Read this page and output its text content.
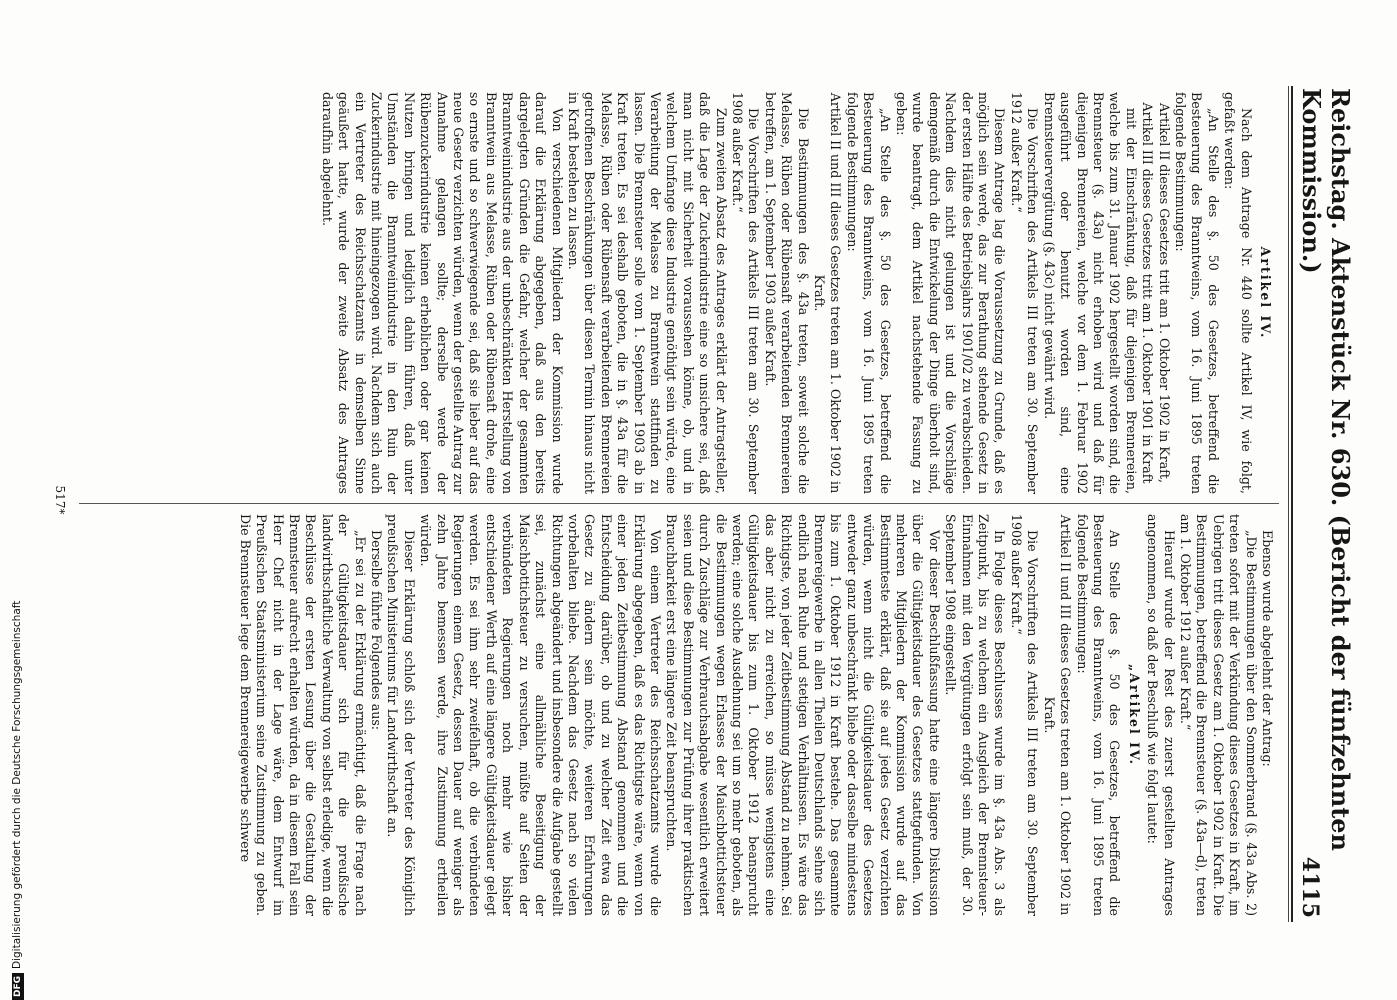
Reichstag. Aktenstück Nr. 630. (Bericht der fünfzehnten Kommission.)
4115

Artikel IV.

Nach dem Antrage Nr. 440 sollte Artikel IV, wie folgt, gefaßt werden:

„An Stelle des §. 50 des Gesetzes, betreffend die Besteuerung des Branntweins, vom 16. Juni 1895 treten folgende Bestimmungen:

Artikel II dieses Gesetzes tritt am 1. Oktober 1902 in Kraft,

Artikel III dieses Gesetzes tritt am 1. Oktober 1901 in Kraft

mit der Einschränkung, daß für diejenigen Brennereien, welche bis zum 31. Januar 1902 hergestellt worden sind, die Brennsteuer (§. 43a) nicht erhoben wird und daß für diejenigen Brennereien, welche vor dem 1. Februar 1902 ausgeführt oder benutzt worden sind, eine Brennsteuervergütung (§. 43c) nicht gewährt wird.

Die Vorschriften des Artikels III treten am 30. September 1912 außer Kraft.“

Diesem Antrage lag die Voraussetzung zu Grunde, daß es möglich sein werde, das zur Berathung stehende Gesetz in der ersten Hälfte des Betriebsjahrs 1901/02 zu verabschieden. Nachdem dies nicht gelungen ist und die Vorschläge demgemäß durch die Entwickelung der Dinge überholt sind, wurde beantragt, dem Artikel nachstehende Fassung zu geben:

„An Stelle des §. 50 des Gesetzes, betreffend die Besteuerung des Branntweins, vom 16. Juni 1895 treten folgende Bestimmungen:

Artikel II und III dieses Gesetzes treten am 1. Oktober 1902 in Kraft.

Die Bestimmungen des §. 43a treten, soweit solche die Melasse, Rüben oder Rübensaft verarbeitenden Brennereien betreffen, am 1. September 1903 außer Kraft.

Die Vorschriften des Artikels III treten am 30. September 1908 außer Kraft.“

Zum zweiten Absatz des Antrages erklärt der Antragsteller, daß die Lage der Zuckerindustrie eine so unsichere sei, daß man nicht mit Sicherheit voraussehen könne, ob, und in welchem Umfange diese Industrie genöthigt sein würde, eine Verarbeitung der Melasse zu Branntwein stattfinden zu lassen. Die Brennsteuer solle vom 1. September 1903 ab in Kraft treten. Es sei deshalb geboten, die in §. 43a für die Melasse, Rüben oder Rübensaft verarbeitenden Brennereien getroffenen Beschränkungen über diesen Termin hinaus nicht in Kraft bestehen zu lassen.

Von verschiedenen Mitgliedern der Kommission wurde darauf die Erklärung abgegeben, daß aus den bereits dargelegten Gründen die Gefahr, welcher der gesammten Branntweinindustrie aus der unbeschränkten Herstellung von Branntwein aus Melasse, Rüben oder Rübensaft drohe, eine so ernste und so schwerwiegende sei, daß sie lieber auf das neue Gesetz verzichten würden, wenn der gestellte Antrag zur Annahme gelangen sollte; derselbe werde der Rübenzuckerindustrie keinen erheblichen oder gar keinen Nutzen bringen und lediglich dahin führen, daß unter Umständen die Branntweinindustrie in den Ruin der Zuckerindustrie mit hineingezogen wird. Nachdem sich auch ein Vertreter des Reichsschatzamts in demselben Sinne geäußert hatte, wurde der zweite Absatz des Antrages daraufhin abgelehnt.

Ebenso wurde abgelehnt der Antrag:

„Die Bestimmungen über den Sommerbrand (§. 43a Abs. 2) treten sofort mit der Verkündung dieses Gesetzes in Kraft, im Uebrigen tritt dieses Gesetz am 1. Oktober 1902 in Kraft. Die Bestimmungen, betreffend die Brennsteuer (§. 43a—d), treten am 1. Oktober 1912 außer Kraft.“

Hierauf wurde der Rest des zuerst gestellten Antrages angenommen, so daß der Beschluß wie folgt lautet:

„Artikel IV.

An Stelle des §. 50 des Gesetzes, betreffend die Besteuerung des Branntweins, vom 16. Juni 1895 treten folgende Bestimmungen:

Artikel II und III dieses Gesetzes treten am 1. Oktober 1902 in Kraft.

Die Vorschriften des Artikels III treten am 30. September 1908 außer Kraft.“

In Folge dieses Beschlusses wurde im §. 43a Abs. 3 als Zeitpunkt, bis zu welchem ein Ausgleich der Brennsteuer-Einnahmen mit den Vergütungen erfolgt sein muß, der 30. September 1908 eingestellt.

Vor dieser Beschlußfassung hatte eine längere Diskussion über die Gültigkeitsdauer des Gesetzes stattgefunden. Von mehreren Mitgliedern der Kommission wurde auf das Bestimmteste erklärt, daß sie auf jedes Gesetz verzichten würden, wenn nicht die Gültigkeitsdauer des Gesetzes entweder ganz unbeschränkt bliebe oder dasselbe mindestens bis zum 1. Oktober 1912 in Kraft bestehe. Das gesammte Brennereigewerbe in allen Theilen Deutschlands sehne sich endlich nach Ruhe und stetigen Verhältnissen. Es wäre das Richtigste, von jeder Zeitbestimmung Abstand zu nehmen. Sei das aber nicht zu erreichen, so müsse wenigstens eine Gültigkeitsdauer bis zum 1. Oktober 1912 beansprucht werden; eine solche Ausdehnung sei um so mehr geboten, als die Bestimmungen wegen Erlasses der Maischbottichsteuer durch Zuschläge zur Verbrauchsabgabe wesentlich erweitert seien und diese Bestimmungen zur Prüfung ihrer praktischen Brauchbarkeit erst eine längere Zeit beanspruchten.

Von einem Vertreter des Reichsschatzamts wurde die Erklärung abgegeben, daß es das Richtigste wäre, wenn von einer jeden Zeitbestimmung Abstand genommen und die Entscheidung darüber, ob und zu welcher Zeit etwa das Gesetz zu ändern sein möchte, weiteren Erfahrungen vorbehalten bliebe. Nachdem das Gesetz nach so vielen Richtungen abgeändert und insbesondere die Aufgabe gestellt sei, zunächst eine allmähliche Beseitigung der Maischbottichsteuer zu versuchen, müßte auf Seiten der verbündeten Regierungen noch mehr wie bisher entschiedener Werth auf eine längere Gültigkeitsdauer gelegt werden. Es sei ihm sehr zweifelhaft, ob die verbündeten Regierungen einem Gesetz, dessen Dauer auf weniger als zehn Jahre bemessen werde, ihre Zustimmung ertheilen würden.

Dieser Erklärung schloß sich der Vertreter des Königlich preußischen Ministeriums für Landwirthschaft an.

Derselbe führte Folgendes aus:

„Er sei zu der Erklärung ermächtigt, daß die Frage nach der Gültigkeitsdauer sich für die preußische landwirthschaftliche Verwaltung von selbst erledige, wenn die Beschlüsse der ersten Lesung über die Gestaltung der Brennsteuer aufrecht erhalten würden, da in diesem Fall sein Herr Chef nicht in der Lage wäre, dem Entwurf im Preußischen Staatsministerium seine Zustimmung zu geben. Die Brennsteuer lege dem Brennereigewerbe schwere

517*
DFGDigitalisierung gefördert durch die Deutsche Forschungsgemeinschaft
